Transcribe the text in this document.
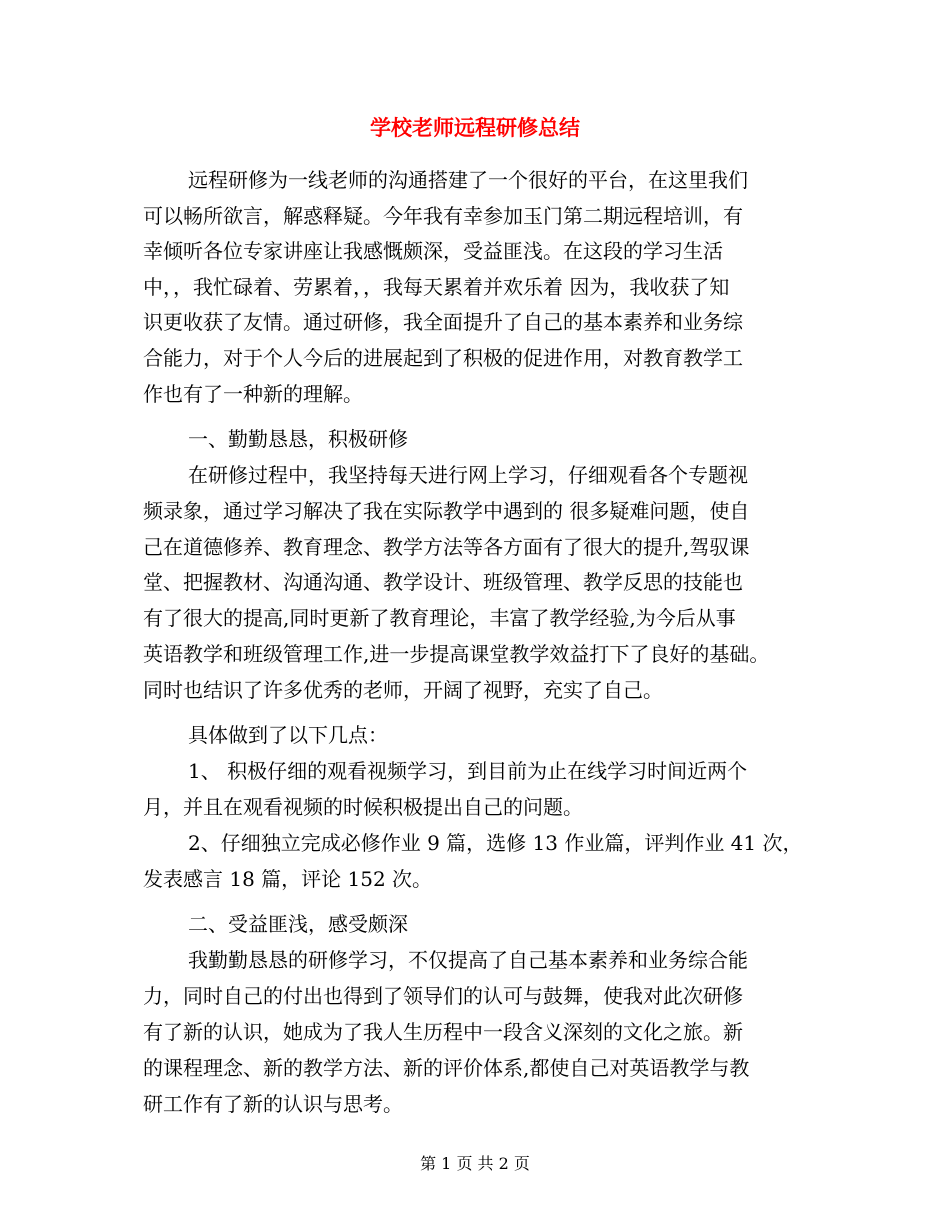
学校老师远程研修总结
远程研修为一线老师的沟通搭建了一个很好的平台，在这里我们
可以畅所欲言，解惑释疑。今年我有幸参加玉门第二期远程培训，有
幸倾听各位专家讲座让我感慨颇深，受益匪浅。在这段的学习生活
中，，我忙碌着、劳累着，，我每天累着并欢乐着 因为，我收获了知
识更收获了友情。通过研修，我全面提升了自己的基本素养和业务综
合能力，对于个人今后的进展起到了积极的促进作用，对教育教学工
作也有了一种新的理解。
一、勤勤恳恳，积极研修
在研修过程中，我坚持每天进行网上学习，仔细观看各个专题视
频录象，通过学习解决了我在实际教学中遇到的 很多疑难问题，使自
己在道德修养、教育理念、教学方法等各方面有了很大的提升,驾驭课
堂、把握教材、沟通沟通、教学设计、班级管理、教学反思的技能也
有了很大的提高,同时更新了教育理论，丰富了教学经验,为今后从事
英语教学和班级管理工作,进一步提高课堂教学效益打下了良好的基础。
同时也结识了许多优秀的老师，开阔了视野，充实了自己。
具体做到了以下几点：
1、 积极仔细的观看视频学习，到目前为止在线学习时间近两个
月，并且在观看视频的时候积极提出自己的问题。
2、仔细独立完成必修作业 9 篇，选修 13 作业篇，评判作业 41 次，
发表感言 18 篇，评论 152 次。
二、受益匪浅，感受颇深
我勤勤恳恳的研修学习，不仅提高了自己基本素养和业务综合能
力，同时自己的付出也得到了领导们的认可与鼓舞，使我对此次研修
有了新的认识，她成为了我人生历程中一段含义深刻的文化之旅。新
的课程理念、新的教学方法、新的评价体系,都使自己对英语教学与教
研工作有了新的认识与思考。
第 1 页 共 2 页
